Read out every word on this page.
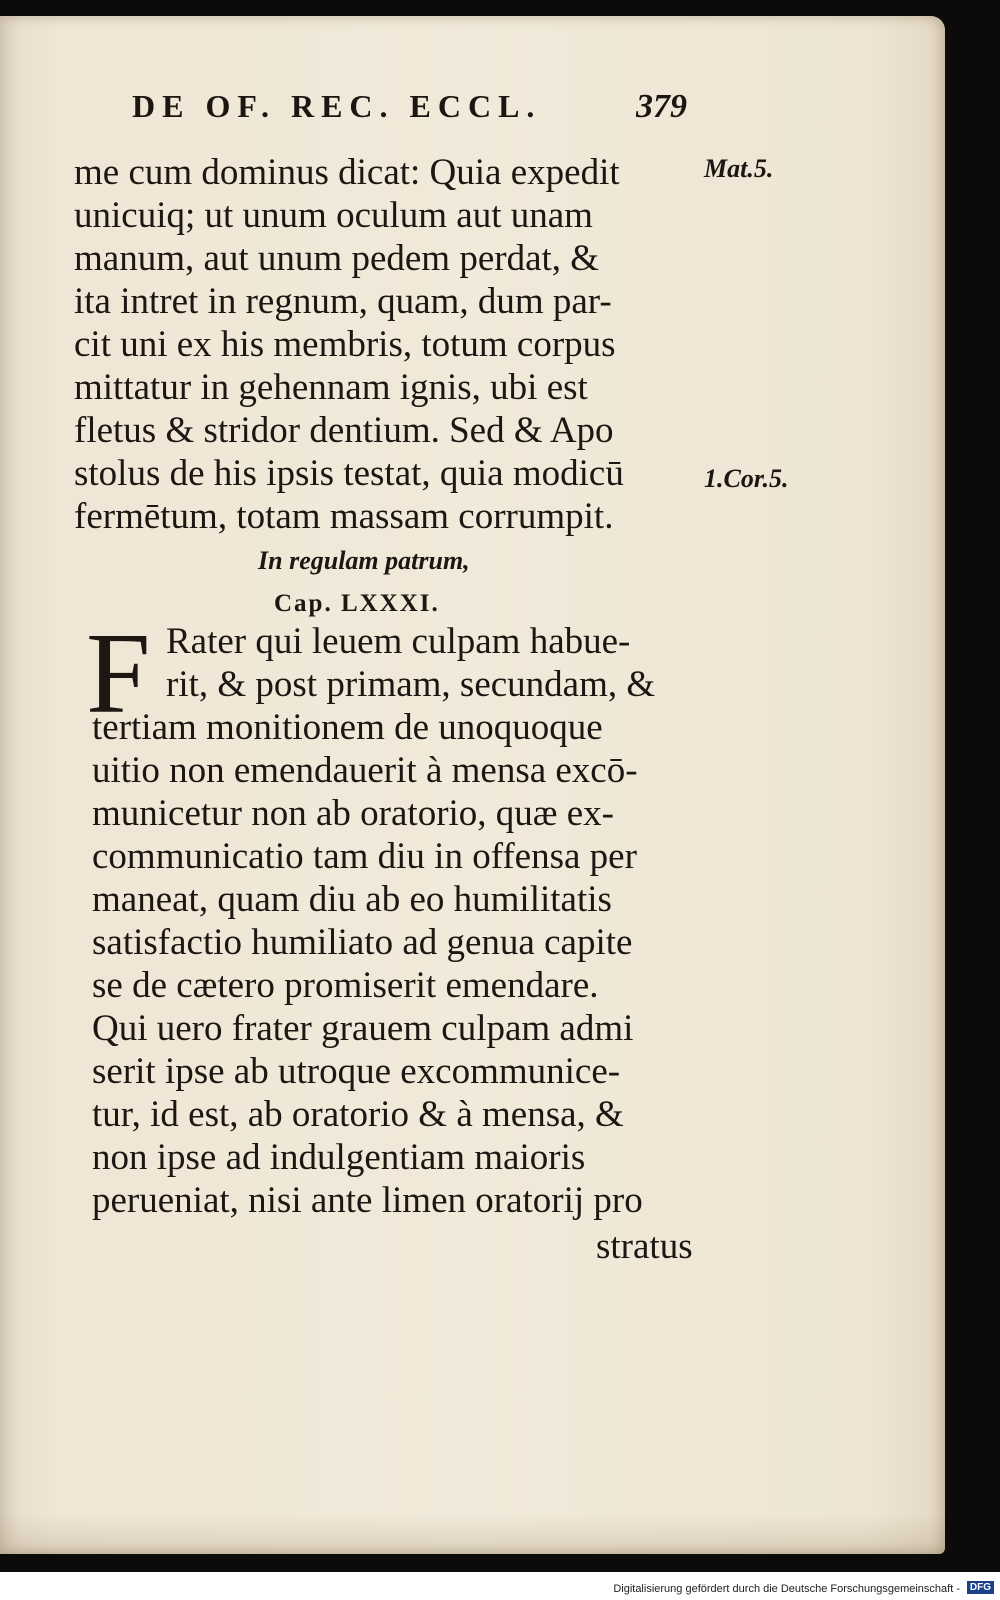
DE OF. REC. ECCL.	379
me cum dominus dicat: Quia expedit
unicuiq; ut unum oculum aut unam
manum, aut unum pedem perdat, &
ita intret in regnum, quam, dum par-
cit uni ex his membris, totum corpus
mittatur in gehennam ignis, ubi est
fletus & stridor dentium. Sed & Apo
stolus de his ipsis testat, quia modicū
fermētum, totam massam corrumpit.
Mat.5.
1.Cor.5.
In regulam patrum,
Cap. LXXXI.
F Rater qui leuem culpam habue-
rit, & post primam, secundam, &
tertiam monitionem de unoquoque
uitio non emendauerit à mensa excō-
municetur non ab oratorio, quæ ex-
communicatio tam diu in offensa per
maneat, quam diu ab eo humilitatis
satisfactio humiliato ad genua capite
se de cætero promiserit emendare.
Qui uero frater grauem culpam admi
serit ipse ab utroque excommunice-
tur, id est, ab oratorio & à mensa, &
non ipse ad indulgentiam maioris
perueniat, nisi ante limen oratorij pro
stratus
Digitalisierung gefördert durch die Deutsche Forschungsgemeinschaft - DFG
